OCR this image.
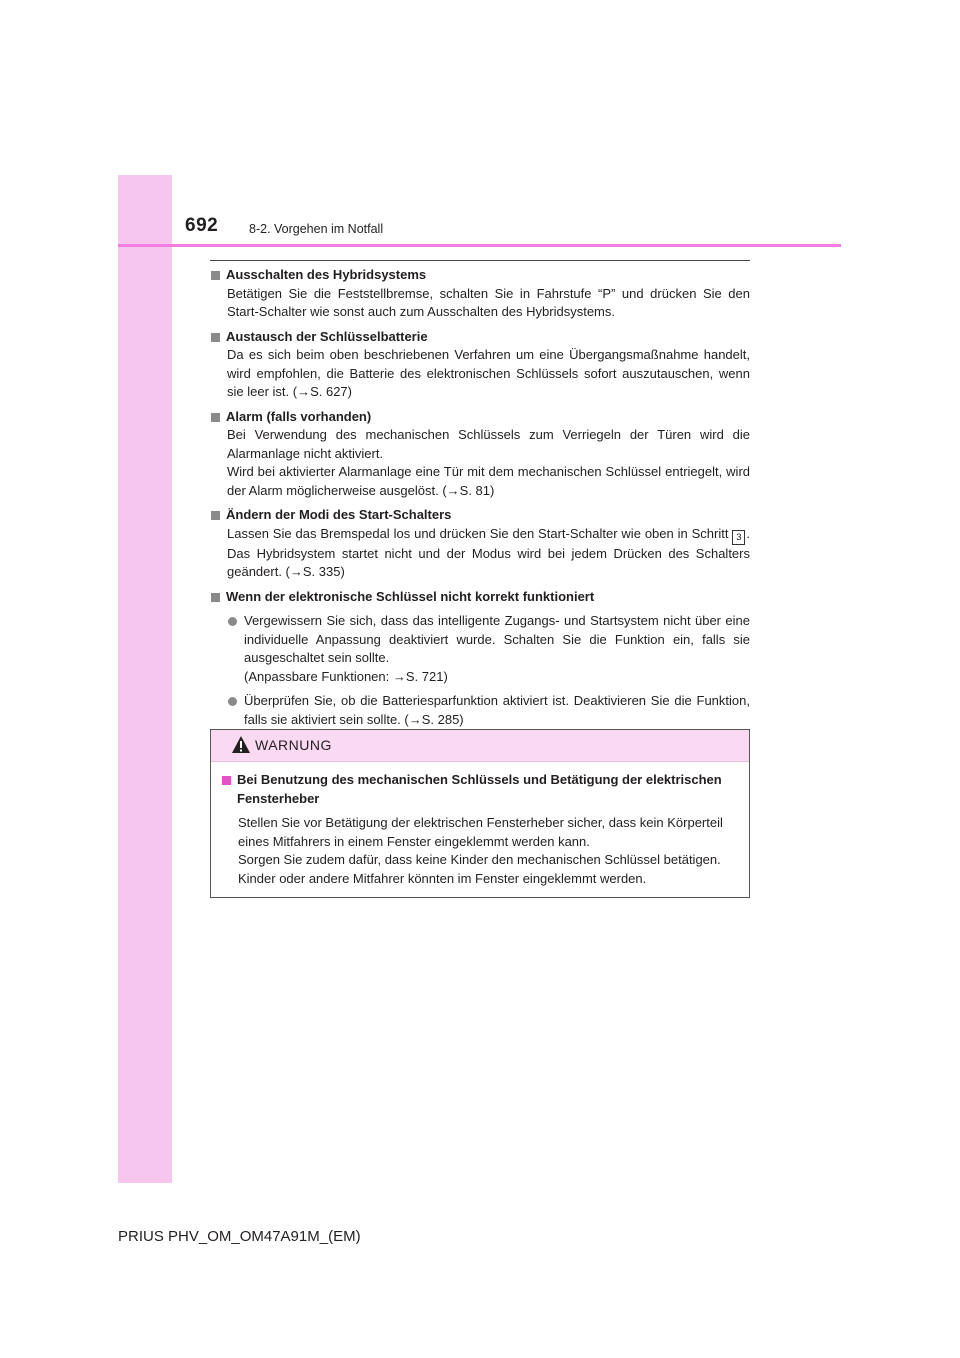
692 8-2. Vorgehen im Notfall
Ausschalten des Hybridsystems

Betätigen Sie die Feststellbremse, schalten Sie in Fahrstufe “P” und drücken Sie den Start-Schalter wie sonst auch zum Ausschalten des Hybridsystems.

Austausch der Schlüsselbatterie

Da es sich beim oben beschriebenen Verfahren um eine Übergangsmaßnahme handelt, wird empfohlen, die Batterie des elektronischen Schlüssels sofort auszutauschen, wenn sie leer ist. (→S. 627)

Alarm (falls vorhanden)

Bei Verwendung des mechanischen Schlüssels zum Verriegeln der Türen wird die Alarmanlage nicht aktiviert.

Wird bei aktivierter Alarmanlage eine Tür mit dem mechanischen Schlüssel entriegelt, wird der Alarm möglicherweise ausgelöst. (→S. 81)

Ändern der Modi des Start-Schalters

Lassen Sie das Bremspedal los und drücken Sie den Start-Schalter wie oben in Schritt 3 . Das Hybridsystem startet nicht und der Modus wird bei jedem Drücken des Schalters geändert. (→S. 335)

Wenn der elektronische Schlüssel nicht korrekt funktioniert
Vergewissern Sie sich, dass das intelligente Zugangs- und Startsystem nicht über eine individuelle Anpassung deaktiviert wurde. Schalten Sie die Funktion ein, falls sie ausgeschaltet sein sollte.
(Anpassbare Funktionen: →S. 721)
Überprüfen Sie, ob die Batteriesparfunktion aktiviert ist. Deaktivieren Sie die Funktion, falls sie aktiviert sein sollte. (→S. 285)
WARNUNG
Bei Benutzung des mechanischen Schlüssels und Betätigung der elektrischen Fensterheber

Stellen Sie vor Betätigung der elektrischen Fensterheber sicher, dass kein Körperteil eines Mitfahrers in einem Fenster eingeklemmt werden kann.

Sorgen Sie zudem dafür, dass keine Kinder den mechanischen Schlüssel betätigen. Kinder oder andere Mitfahrer könnten im Fenster eingeklemmt werden.

PRIUS PHV_OM_OM47A91M_(EM)
